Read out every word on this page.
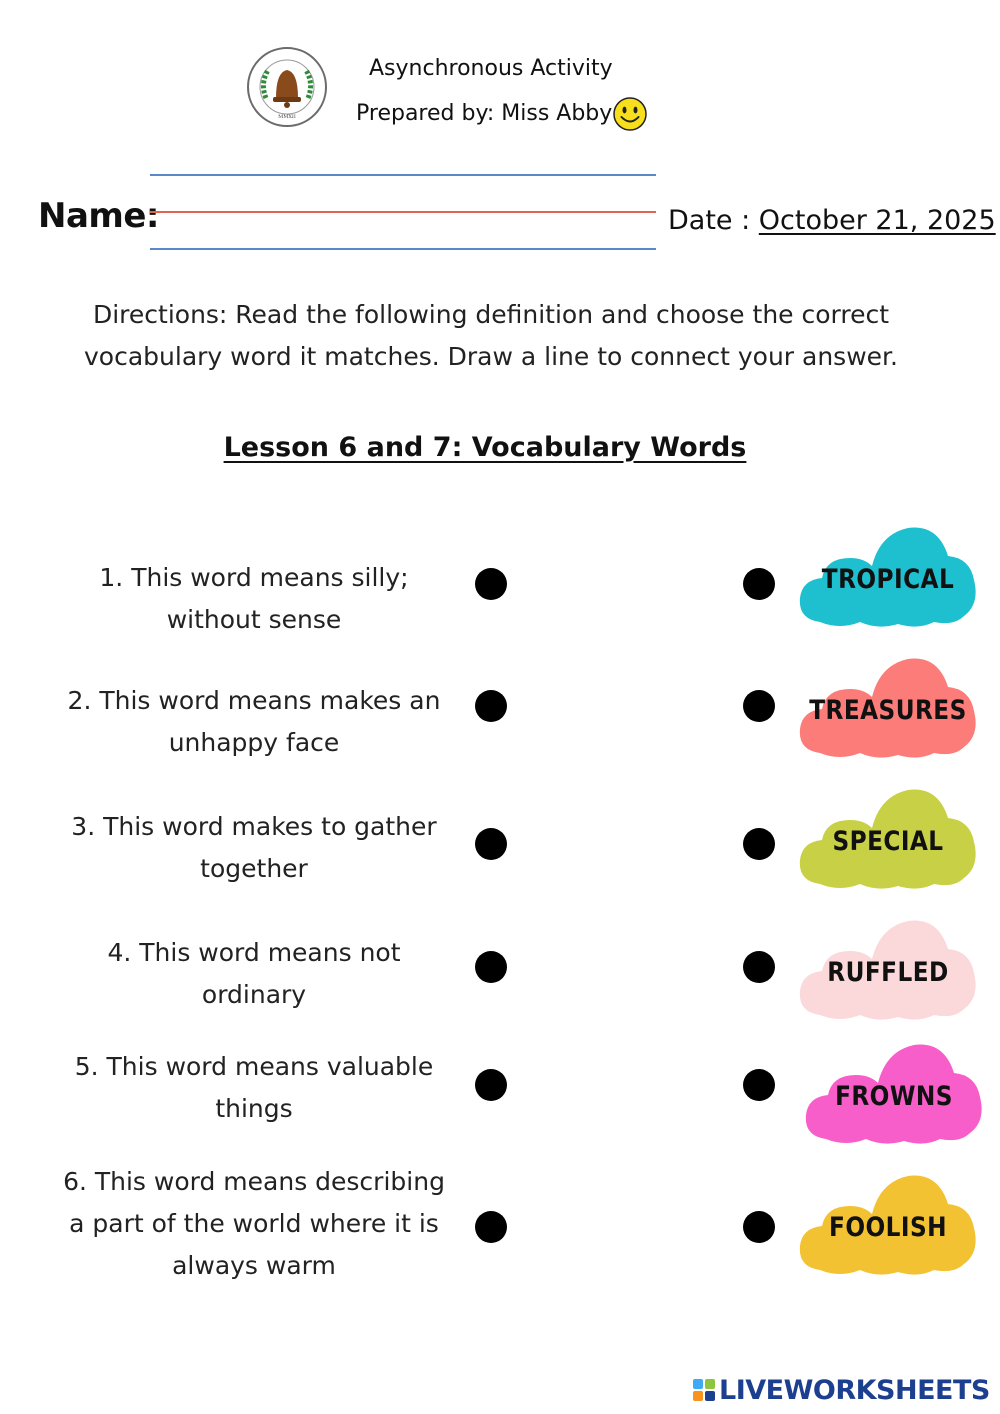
MMXII
Asynchronous Activity
Prepared by: Miss Abby
Name:	Date : October 21, 2025
Directions: Read the following definition and choose the correct
vocabulary word it matches. Draw a line to connect your answer.
Lesson 6 and 7: Vocabulary Words
1. This word means silly;
without sense
2. This word means makes an
unhappy face
3. This word makes to gather
together
4. This word means not
ordinary
5. This word means valuable
things
6. This word means describing
a part of the world where it is
always warm
TROPICAL
TREASURES
SPECIAL
RUFFLED
FROWNS
FOOLISH
LIVEWORKSHEETS
